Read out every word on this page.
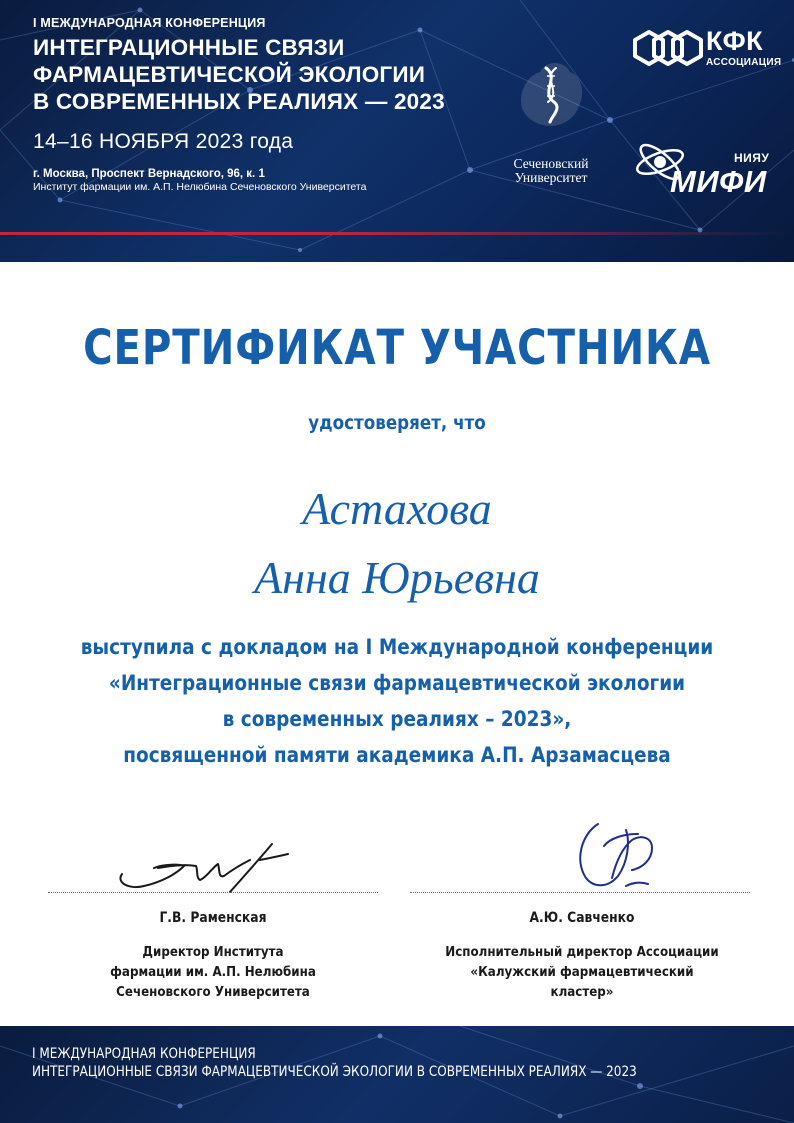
I МЕЖДУНАРОДНАЯ КОНФЕРЕНЦИЯ
ИНТЕГРАЦИОННЫЕ СВЯЗИ
ФАРМАЦЕВТИЧЕСКОЙ ЭКОЛОГИИ
В СОВРЕМЕННЫХ РЕАЛИЯХ — 2023
14–16 НОЯБРЯ 2023 года
г. Москва, Проспект Вернадского, 96, к. 1
Институт фармации им. А.П. Нелюбина Сеченовского Университета
Сеченовский
Университет
КФК
АССОЦИАЦИЯ
НИЯУ
МИФИ
СЕРТИФИКАТ УЧАСТНИКА
удостоверяет, что
Астахова
Анна Юрьевна
выступила с докладом на I Международной конференции
«Интеграционные связи фармацевтической экологии
в современных реалиях – 2023»,
посвященной памяти академика А.П. Арзамасцева
Г.В. Раменская
Директор Института
фармации им. А.П. Нелюбина
Сеченовского Университета
А.Ю. Савченко
Исполнительный директор Ассоциации
«Калужский фармацевтический
кластер»
I МЕЖДУНАРОДНАЯ КОНФЕРЕНЦИЯ
ИНТЕГРАЦИОННЫЕ СВЯЗИ ФАРМАЦЕВТИЧЕСКОЙ ЭКОЛОГИИ В СОВРЕМЕННЫХ РЕАЛИЯХ — 2023
